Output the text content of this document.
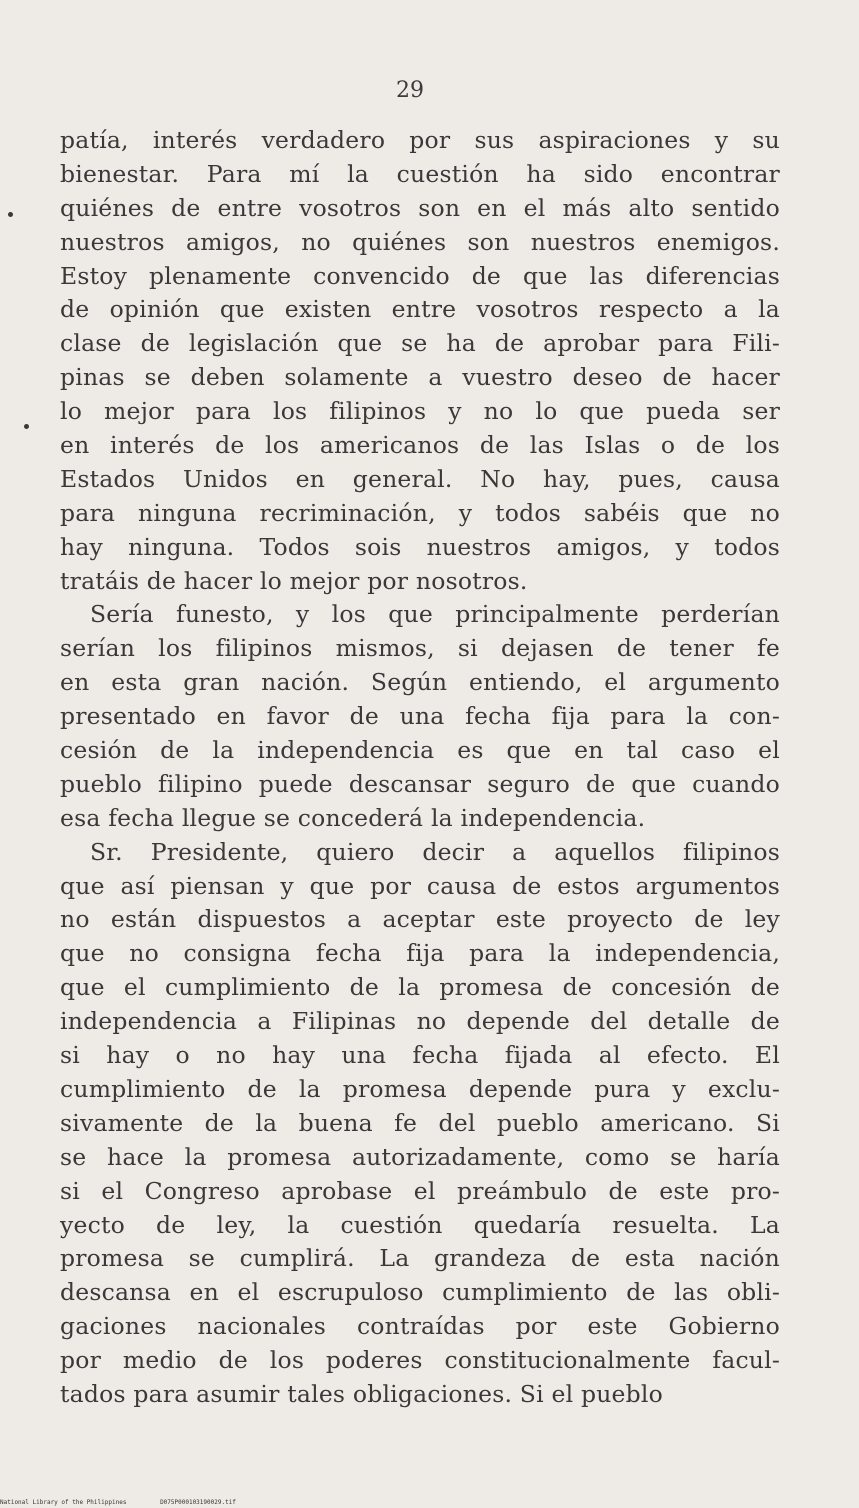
29
patía, interés verdadero por sus aspiraciones y su
bienestar. Para mí la cuestión ha sido encontrar
quiénes de entre vosotros son en el más alto sentido
nuestros amigos, no quiénes son nuestros enemigos.
Estoy plenamente convencido de que las diferencias
de opinión que existen entre vosotros respecto a la
clase de legislación que se ha de aprobar para Fili-
pinas se deben solamente a vuestro deseo de hacer
lo mejor para los filipinos y no lo que pueda ser
en interés de los americanos de las Islas o de los
Estados Unidos en general. No hay, pues, causa
para ninguna recriminación, y todos sabéis que no
hay ninguna. Todos sois nuestros amigos, y todos
tratáis de hacer lo mejor por nosotros.
Sería funesto, y los que principalmente perderían
serían los filipinos mismos, si dejasen de tener fe
en esta gran nación. Según entiendo, el argumento
presentado en favor de una fecha fija para la con-
cesión de la independencia es que en tal caso el
pueblo filipino puede descansar seguro de que cuando
esa fecha llegue se concederá la independencia.
Sr. Presidente, quiero decir a aquellos filipinos
que así piensan y que por causa de estos argumentos
no están dispuestos a aceptar este proyecto de ley
que no consigna fecha fija para la independencia,
que el cumplimiento de la promesa de concesión de
independencia a Filipinas no depende del detalle de
si hay o no hay una fecha fijada al efecto. El
cumplimiento de la promesa depende pura y exclu-
sivamente de la buena fe del pueblo americano. Si
se hace la promesa autorizadamente, como se haría
si el Congreso aprobase el preámbulo de este pro-
yecto de ley, la cuestión quedaría resuelta. La
promesa se cumplirá. La grandeza de esta nación
descansa en el escrupuloso cumplimiento de las obli-
gaciones nacionales contraídas por este Gobierno
por medio de los poderes constitucionalmente facul-
tados para asumir tales obligaciones. Si el pueblo
National Library of the Philippines	D075P000103190029.tif
